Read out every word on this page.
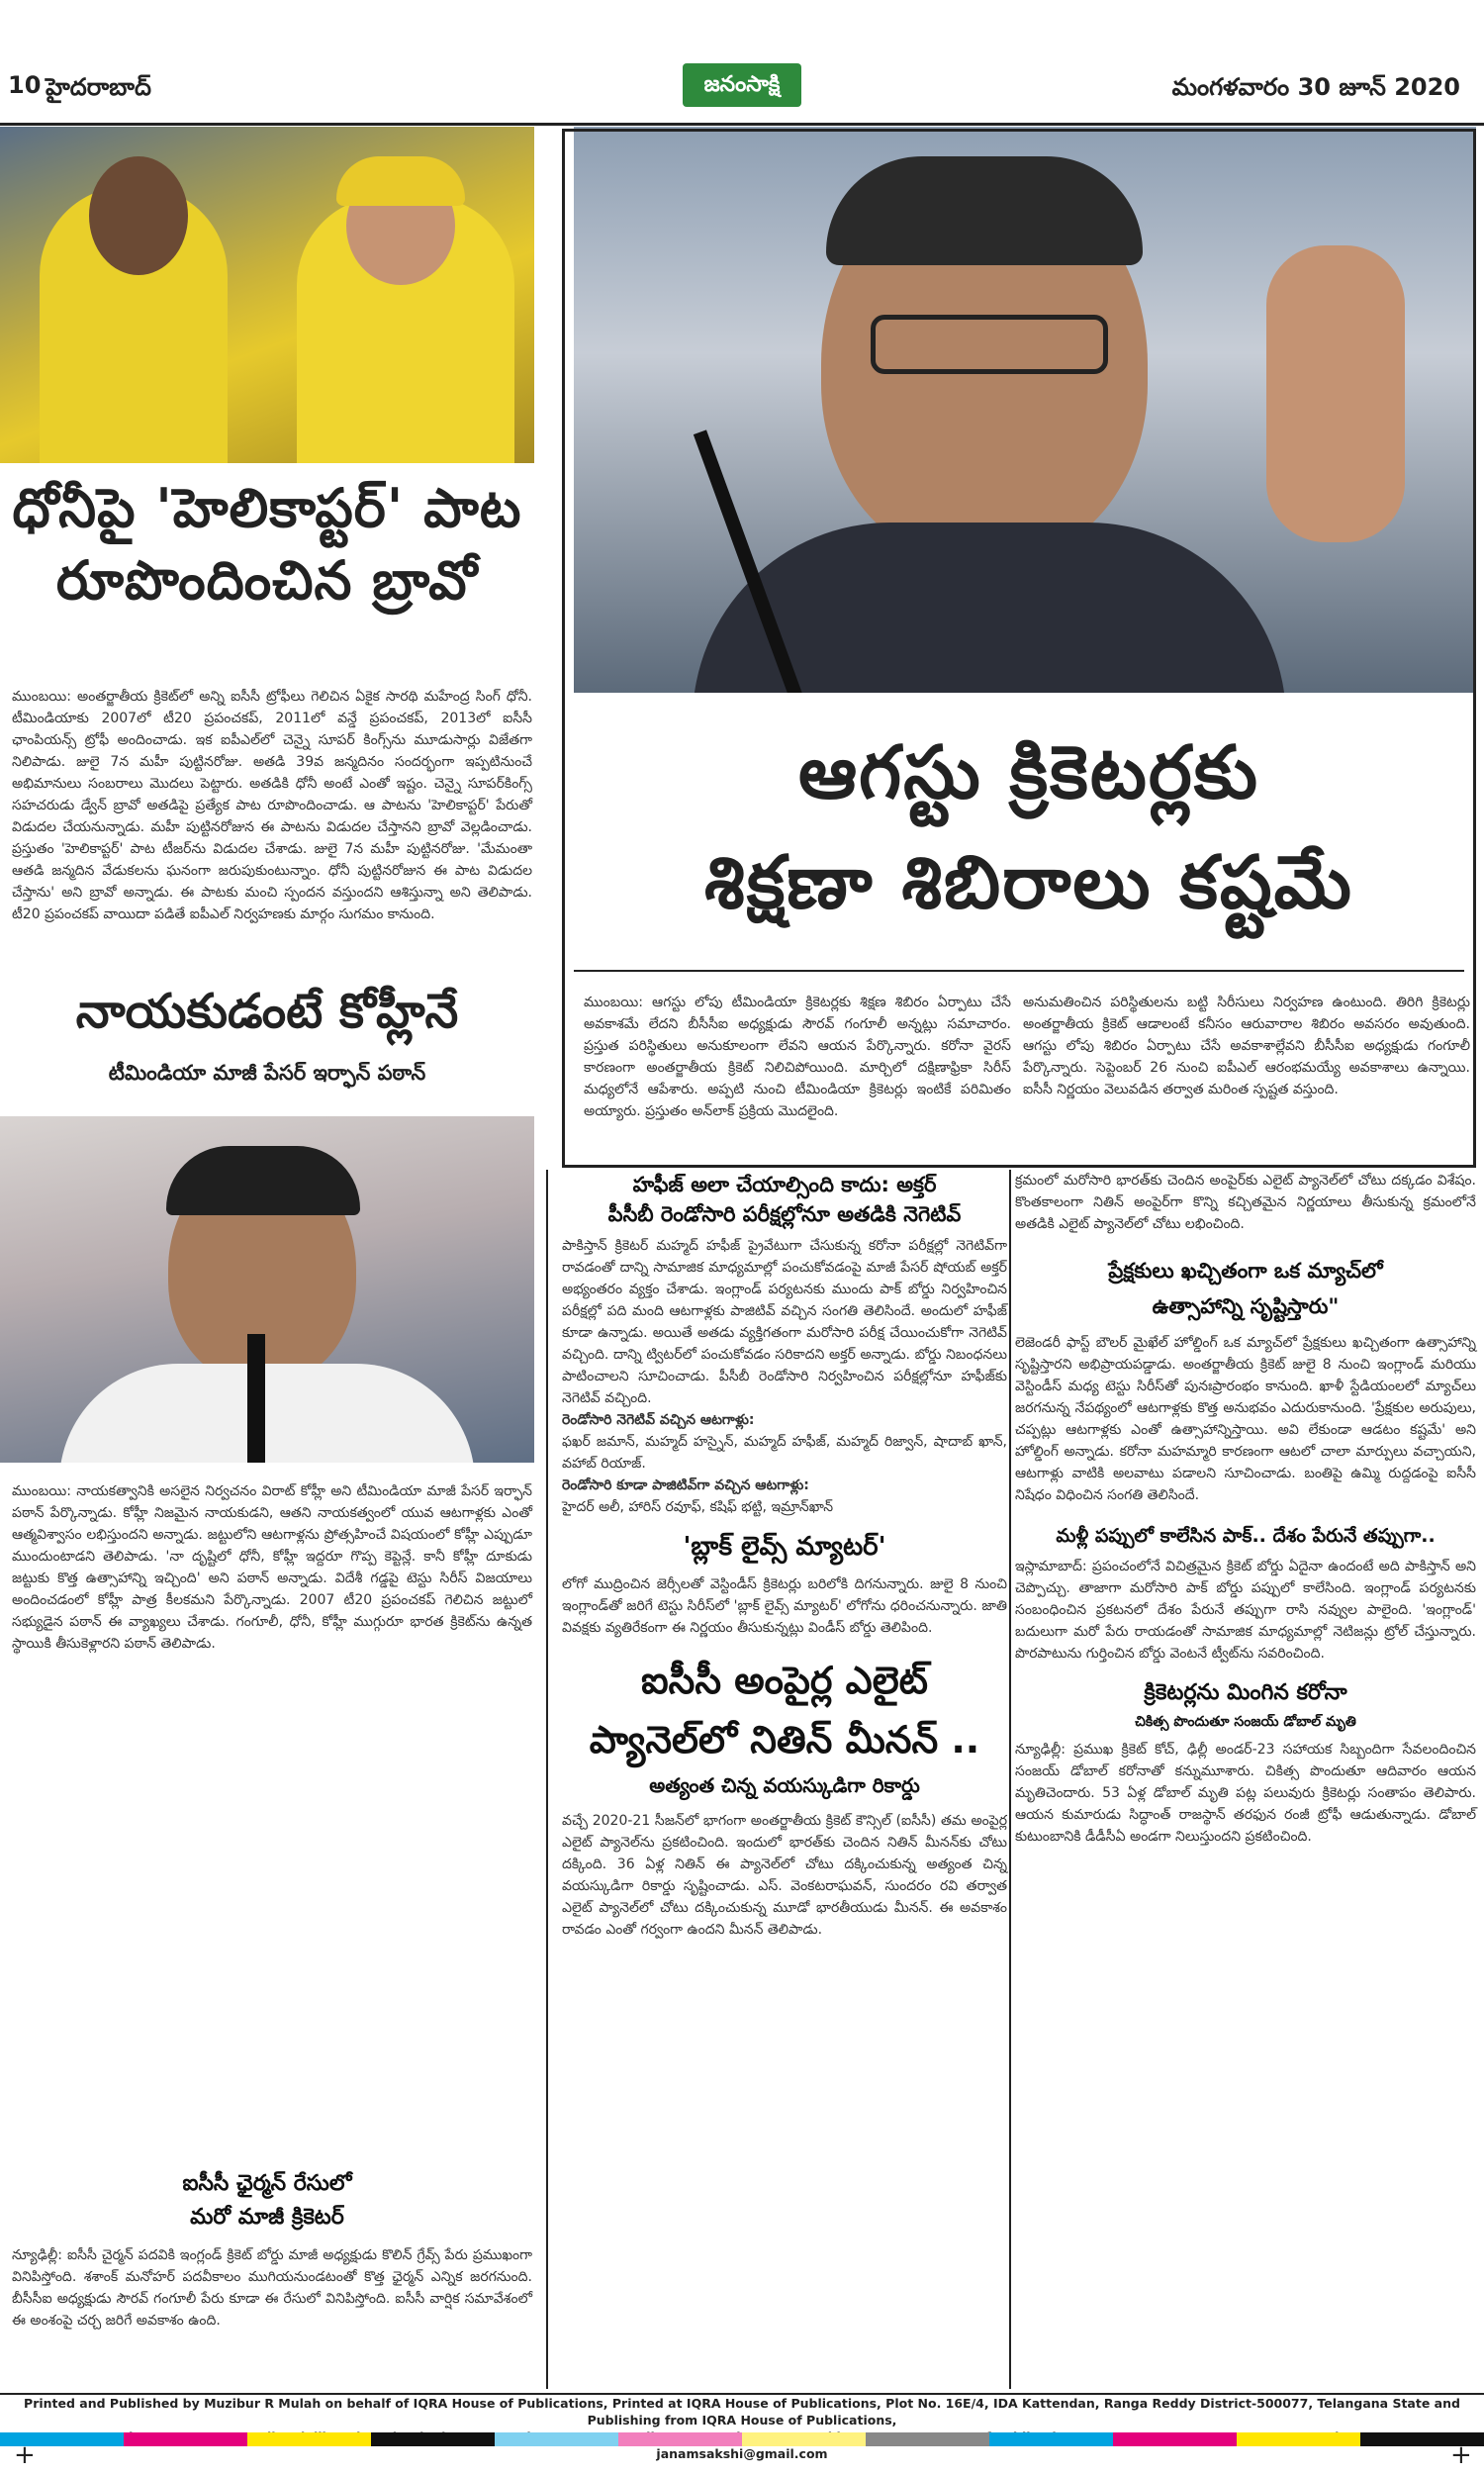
10 హైదరాబాద్	జనంసాక్షి	మంగళవారం 30 జూన్ 2020
ఆగస్టు క్రికెటర్లకు
శిక్షణా శిబిరాలు కష్టమే
ముంబయి: ఆగస్టు లోపు టీమిండియా క్రికెటర్లకు శిక్షణ శిబిరం ఏర్పాటు చేసే అవకాశమే లేదని బీసీసీఐ అధ్యక్షుడు సౌరవ్‌ గంగూలీ అన్నట్లు సమాచారం. ప్రస్తుత పరిస్థితులు అనుకూలంగా లేవని ఆయన పేర్కొన్నారు. కరోనా వైరస్‌ కారణంగా అంతర్జాతీయ క్రికెట్‌ నిలిచిపోయింది. మార్చిలో దక్షిణాఫ్రికా సిరీస్‌ మధ్యలోనే ఆపేశారు. అప్పటి నుంచి టీమిండియా క్రికెటర్లు ఇంటికే పరిమితం అయ్యారు. ప్రస్తుతం అన్‌లాక్‌ ప్రక్రియ మొదలైంది.
అనుమతించిన పరిస్థితులను బట్టి సిరీసులు నిర్వహణ ఉంటుంది. తిరిగి క్రికెటర్లు అంతర్జాతీయ క్రికెట్‌ ఆడాలంటే కనీసం ఆరువారాల శిబిరం అవసరం అవుతుంది. ఆగస్టు లోపు శిబిరం ఏర్పాటు చేసే అవకాశాల్లేవని బీసీసీఐ అధ్యక్షుడు గంగూలీ పేర్కొన్నారు. సెప్టెంబర్‌ 26 నుంచి ఐపీఎల్‌ ఆరంభమయ్యే అవకాశాలు ఉన్నాయి. ఐసీసీ నిర్ణయం వెలువడిన తర్వాత మరింత స్పష్టత వస్తుంది.
ధోనీపై 'హెలికాప్టర్' పాట
రూపొందించిన బ్రావో
ముంబయి: అంతర్జాతీయ క్రికెట్‌లో అన్ని ఐసీసీ ట్రోఫీలు గెలిచిన ఏకైక సారథి మహేంద్ర సింగ్ ధోనీ. టీమిండియాకు 2007లో టీ20 ప్రపంచకప్‌, 2011లో వన్డే ప్రపంచకప్‌, 2013లో ఐసీసీ ఛాంపియన్స్‌ ట్రోఫీ అందించాడు. ఇక ఐపీఎల్‌లో చెన్నై సూపర్‌ కింగ్స్‌ను మూడుసార్లు విజేతగా నిలిపాడు. జులై 7న మహీ పుట్టినరోజు. అతడి 39వ జన్మదినం సందర్భంగా ఇప్పటినుంచే అభిమానులు సంబరాలు మొదలు పెట్టారు. అతడికి ధోనీ అంటే ఎంతో ఇష్టం. చెన్నై సూపర్‌కింగ్స్‌ సహచరుడు డ్వేన్‌ బ్రావో అతడిపై ప్రత్యేక పాట రూపొందించాడు. ఆ పాటను 'హెలికాప్టర్‌' పేరుతో విడుదల చేయనున్నాడు. మహీ పుట్టినరోజున ఈ పాటను విడుదల చేస్తానని బ్రావో వెల్లడించాడు. ప్రస్తుతం 'హెలికాప్టర్‌' పాట టీజర్‌ను విడుదల చేశాడు. జులై 7న మహీ పుట్టినరోజు. 'మేమంతా ఆతడి జన్మదిన వేడుకలను ఘనంగా జరుపుకుంటున్నాం. ధోనీ పుట్టినరోజున ఈ పాట విడుదల చేస్తాను' అని బ్రావో అన్నాడు. ఈ పాటకు మంచి స్పందన వస్తుందని ఆశిస్తున్నా అని తెలిపాడు. టీ20 ప్రపంచకప్‌ వాయిదా పడితే ఐపీఎల్‌ నిర్వహణకు మార్గం సుగమం కానుంది.
నాయకుడంటే కోహ్లీనే
టీమిండియా మాజీ పేసర్ ఇర్ఫాన్ పఠాన్
ముంబయి: నాయకత్వానికి అసలైన నిర్వచనం విరాట్‌ కోహ్లీ అని టీమిండియా మాజీ పేసర్‌ ఇర్ఫాన్‌ పఠాన్‌ పేర్కొన్నాడు. కోహ్లీ నిజమైన నాయకుడని, ఆతని నాయకత్వంలో యువ ఆటగాళ్లకు ఎంతో ఆత్మవిశ్వాసం లభిస్తుందని అన్నాడు. జట్టులోని ఆటగాళ్లను ప్రోత్సహించే విషయంలో కోహ్లీ ఎప్పుడూ ముందుంటాడని తెలిపాడు. 'నా దృష్టిలో ధోనీ, కోహ్లీ ఇద్దరూ గొప్ప కెప్టెన్లే. కానీ కోహ్లీ దూకుడు జట్టుకు కొత్త ఉత్సాహాన్ని ఇచ్చింది' అని పఠాన్‌ అన్నాడు. విదేశీ గడ్డపై టెస్టు సిరీస్‌ విజయాలు అందించడంలో కోహ్లీ పాత్ర కీలకమని పేర్కొన్నాడు. 2007 టీ20 ప్రపంచకప్‌ గెలిచిన జట్టులో సభ్యుడైన పఠాన్‌ ఈ వ్యాఖ్యలు చేశాడు. గంగూలీ, ధోనీ, కోహ్లీ ముగ్గురూ భారత క్రికెట్‌ను ఉన్నత స్థాయికి తీసుకెళ్లారని పఠాన్‌ తెలిపాడు.
ఐసీసీ ఛైర్మన్ రేసులో
మరో మాజీ క్రికెటర్
న్యూఢిల్లీ: ఐసీసీ చైర్మన్‌ పదవికి ఇంగ్లండ్‌ క్రికెట్‌ బోర్డు మాజీ అధ్యక్షుడు కొలిన్‌ గ్రేవ్స్‌ పేరు ప్రముఖంగా వినిపిస్తోంది. శశాంక్‌ మనోహర్‌ పదవీకాలం ముగియనుండటంతో కొత్త ఛైర్మన్‌ ఎన్నిక జరగనుంది. బీసీసీఐ అధ్యక్షుడు సౌరవ్‌ గంగూలీ పేరు కూడా ఈ రేసులో వినిపిస్తోంది. ఐసీసీ వార్షిక సమావేశంలో ఈ అంశంపై చర్చ జరిగే అవకాశం ఉంది.
హఫీజ్ అలా చేయాల్సింది కాదు: అక్తర్
పీసీబీ రెండోసారి పరీక్షల్లోనూ అతడికి నెగెటివ్
పాకిస్తాన్‌ క్రికెటర్‌ మహ్మద్‌ హఫీజ్‌ ప్రైవేటుగా చేసుకున్న కరోనా పరీక్షల్లో నెగెటివ్‌గా రావడంతో దాన్ని సామాజిక మాధ్యమాల్లో పంచుకోవడంపై మాజీ పేసర్‌ షోయబ్‌ అక్తర్‌ అభ్యంతరం వ్యక్తం చేశాడు. ఇంగ్లాండ్‌ పర్యటనకు ముందు పాక్‌ బోర్డు నిర్వహించిన పరీక్షల్లో పది మంది ఆటగాళ్లకు పాజిటివ్‌ వచ్చిన సంగతి తెలిసిందే. అందులో హఫీజ్‌ కూడా ఉన్నాడు. అయితే అతడు వ్యక్తిగతంగా మరోసారి పరీక్ష చేయించుకోగా నెగెటివ్‌ వచ్చింది. దాన్ని ట్విటర్‌లో పంచుకోవడం సరికాదని అక్తర్‌ అన్నాడు. బోర్డు నిబంధనలు పాటించాలని సూచించాడు. పీసీబీ రెండోసారి నిర్వహించిన పరీక్షల్లోనూ హఫీజ్‌కు నెగెటివ్‌ వచ్చింది.
రెండోసారి నెగెటివ్ వచ్చిన ఆటగాళ్లు:
ఫఖర్ జమాన్, మహ్మద్ హస్నైన్, మహ్మద్ హఫీజ్, మహ్మద్ రిజ్వాన్, షాదాబ్ ఖాన్, వహాబ్ రియాజ్.
రెండోసారి కూడా పాజిటివ్‌గా వచ్చిన ఆటగాళ్లు:
హైదర్ అలీ, హారిస్ రవూఫ్, కషిఫ్ భట్టి, ఇమ్రాన్‌ఖాన్
'బ్లాక్ లైవ్స్ మ్యాటర్'
లోగో ముద్రించిన జెర్సీలతో వెస్టిండీస్‌ క్రికెటర్లు బరిలోకి దిగనున్నారు. జులై 8 నుంచి ఇంగ్లాండ్‌తో జరిగే టెస్టు సిరీస్‌లో 'బ్లాక్‌ లైవ్స్‌ మ్యాటర్‌' లోగోను ధరించనున్నారు. జాతి వివక్షకు వ్యతిరేకంగా ఈ నిర్ణయం తీసుకున్నట్లు విండీస్‌ బోర్డు తెలిపింది.
ఐసీసీ అంపైర్ల ఎలైట్
ప్యానెల్‌లో నితిన్ మీనన్ ..
అత్యంత చిన్న వయస్కుడిగా రికార్డు
వచ్చే 2020-21 సీజన్‌లో భాగంగా అంతర్జాతీయ క్రికెట్‌ కౌన్సిల్‌ (ఐసీసీ) తమ అంపైర్ల ఎలైట్‌ ప్యానెల్‌ను ప్రకటించింది. ఇందులో భారత్‌కు చెందిన నితిన్‌ మీనన్‌కు చోటు దక్కింది. 36 ఏళ్ల నితిన్‌ ఈ ప్యానెల్‌లో చోటు దక్కించుకున్న అత్యంత చిన్న వయస్కుడిగా రికార్డు సృష్టించాడు. ఎస్‌. వెంకటరాఘవన్‌, సుందరం రవి తర్వాత ఎలైట్‌ ప్యానెల్‌లో చోటు దక్కించుకున్న మూడో భారతీయుడు మీనన్‌. ఈ అవకాశం రావడం ఎంతో గర్వంగా ఉందని మీనన్‌ తెలిపాడు.
క్రమంలో మరోసారి భారత్‌కు చెందిన అంపైర్‌కు ఎలైట్‌ ప్యానెల్‌లో చోటు దక్కడం విశేషం. కొంతకాలంగా నితిన్‌ అంపైర్‌గా కొన్ని కచ్చితమైన నిర్ణయాలు తీసుకున్న క్రమంలోనే అతడికి ఎలైట్‌ ప్యానెల్‌లో చోటు లభించింది.
ప్రేక్షకులు ఖచ్చితంగా ఒక మ్యాచ్‌లో
ఉత్సాహాన్ని సృష్టిస్తారు"
లెజెండరీ ఫాస్ట్‌ బౌలర్‌ మైఖేల్‌ హోల్డింగ్‌ ఒక మ్యాచ్‌లో ప్రేక్షకులు ఖచ్చితంగా ఉత్సాహాన్ని సృష్టిస్తారని అభిప్రాయపడ్డాడు. అంతర్జాతీయ క్రికెట్‌ జులై 8 నుంచి ఇంగ్లాండ్‌ మరియు వెస్టిండీస్‌ మధ్య టెస్టు సిరీస్‌తో పునఃప్రారంభం కానుంది. ఖాళీ స్టేడియంలలో మ్యాచ్‌లు జరగనున్న నేపథ్యంలో ఆటగాళ్లకు కొత్త అనుభవం ఎదురుకానుంది. 'ప్రేక్షకుల అరుపులు, చప్పట్లు ఆటగాళ్లకు ఎంతో ఉత్సాహాన్నిస్తాయి. అవి లేకుండా ఆడటం కష్టమే' అని హోల్డింగ్‌ అన్నాడు. కరోనా మహమ్మారి కారణంగా ఆటలో చాలా మార్పులు వచ్చాయని, ఆటగాళ్లు వాటికి అలవాటు పడాలని సూచించాడు. బంతిపై ఉమ్మి రుద్దడంపై ఐసీసీ నిషేధం విధించిన సంగతి తెలిసిందే.
మళ్లీ పప్పులో కాలేసిన పాక్.. దేశం పేరునే తప్పుగా..
ఇస్లామాబాద్‌: ప్రపంచంలోనే విచిత్రమైన క్రికెట్‌ బోర్డు ఏదైనా ఉందంటే అది పాకిస్తాన్‌ అని చెప్పొచ్చు. తాజాగా మరోసారి పాక్‌ బోర్డు పప్పులో కాలేసింది. ఇంగ్లాండ్‌ పర్యటనకు సంబంధించిన ప్రకటనలో దేశం పేరునే తప్పుగా రాసి నవ్వుల పాలైంది. 'ఇంగ్లాండ్‌' బదులుగా మరో పేరు రాయడంతో సామాజిక మాధ్యమాల్లో నెటిజన్లు ట్రోల్‌ చేస్తున్నారు. పొరపాటును గుర్తించిన బోర్డు వెంటనే ట్వీట్‌ను సవరించింది.
క్రికెటర్లను మింగిన కరోనా
చికిత్స పొందుతూ సంజయ్ డోబాల్ మృతి
న్యూఢిల్లీ: ప్రముఖ క్రికెట్‌ కోచ్‌, ఢిల్లీ అండర్‌-23 సహాయక సిబ్బందిగా సేవలందించిన సంజయ్‌ డోబాల్‌ కరోనాతో కన్నుమూశారు. చికిత్స పొందుతూ ఆదివారం ఆయన మృతిచెందారు. 53 ఏళ్ల డోబాల్‌ మృతి పట్ల పలువురు క్రికెటర్లు సంతాపం తెలిపారు. ఆయన కుమారుడు సిద్ధాంత్‌ రాజస్థాన్‌ తరఫున రంజీ ట్రోఫీ ఆడుతున్నాడు. డోబాల్‌ కుటుంబానికి డీడీసీఏ అండగా నిలుస్తుందని ప్రకటించింది.
Printed and Published by Muzibur R Mulah on behalf of IQRA House of Publications, Printed at IQRA House of Publications, Plot No. 16E/4, IDA Kattendan, Ranga Reddy District-500077, Telangana State and Publishing from IQRA House of Publications,
janamsakshi@gmail.com
+	+
